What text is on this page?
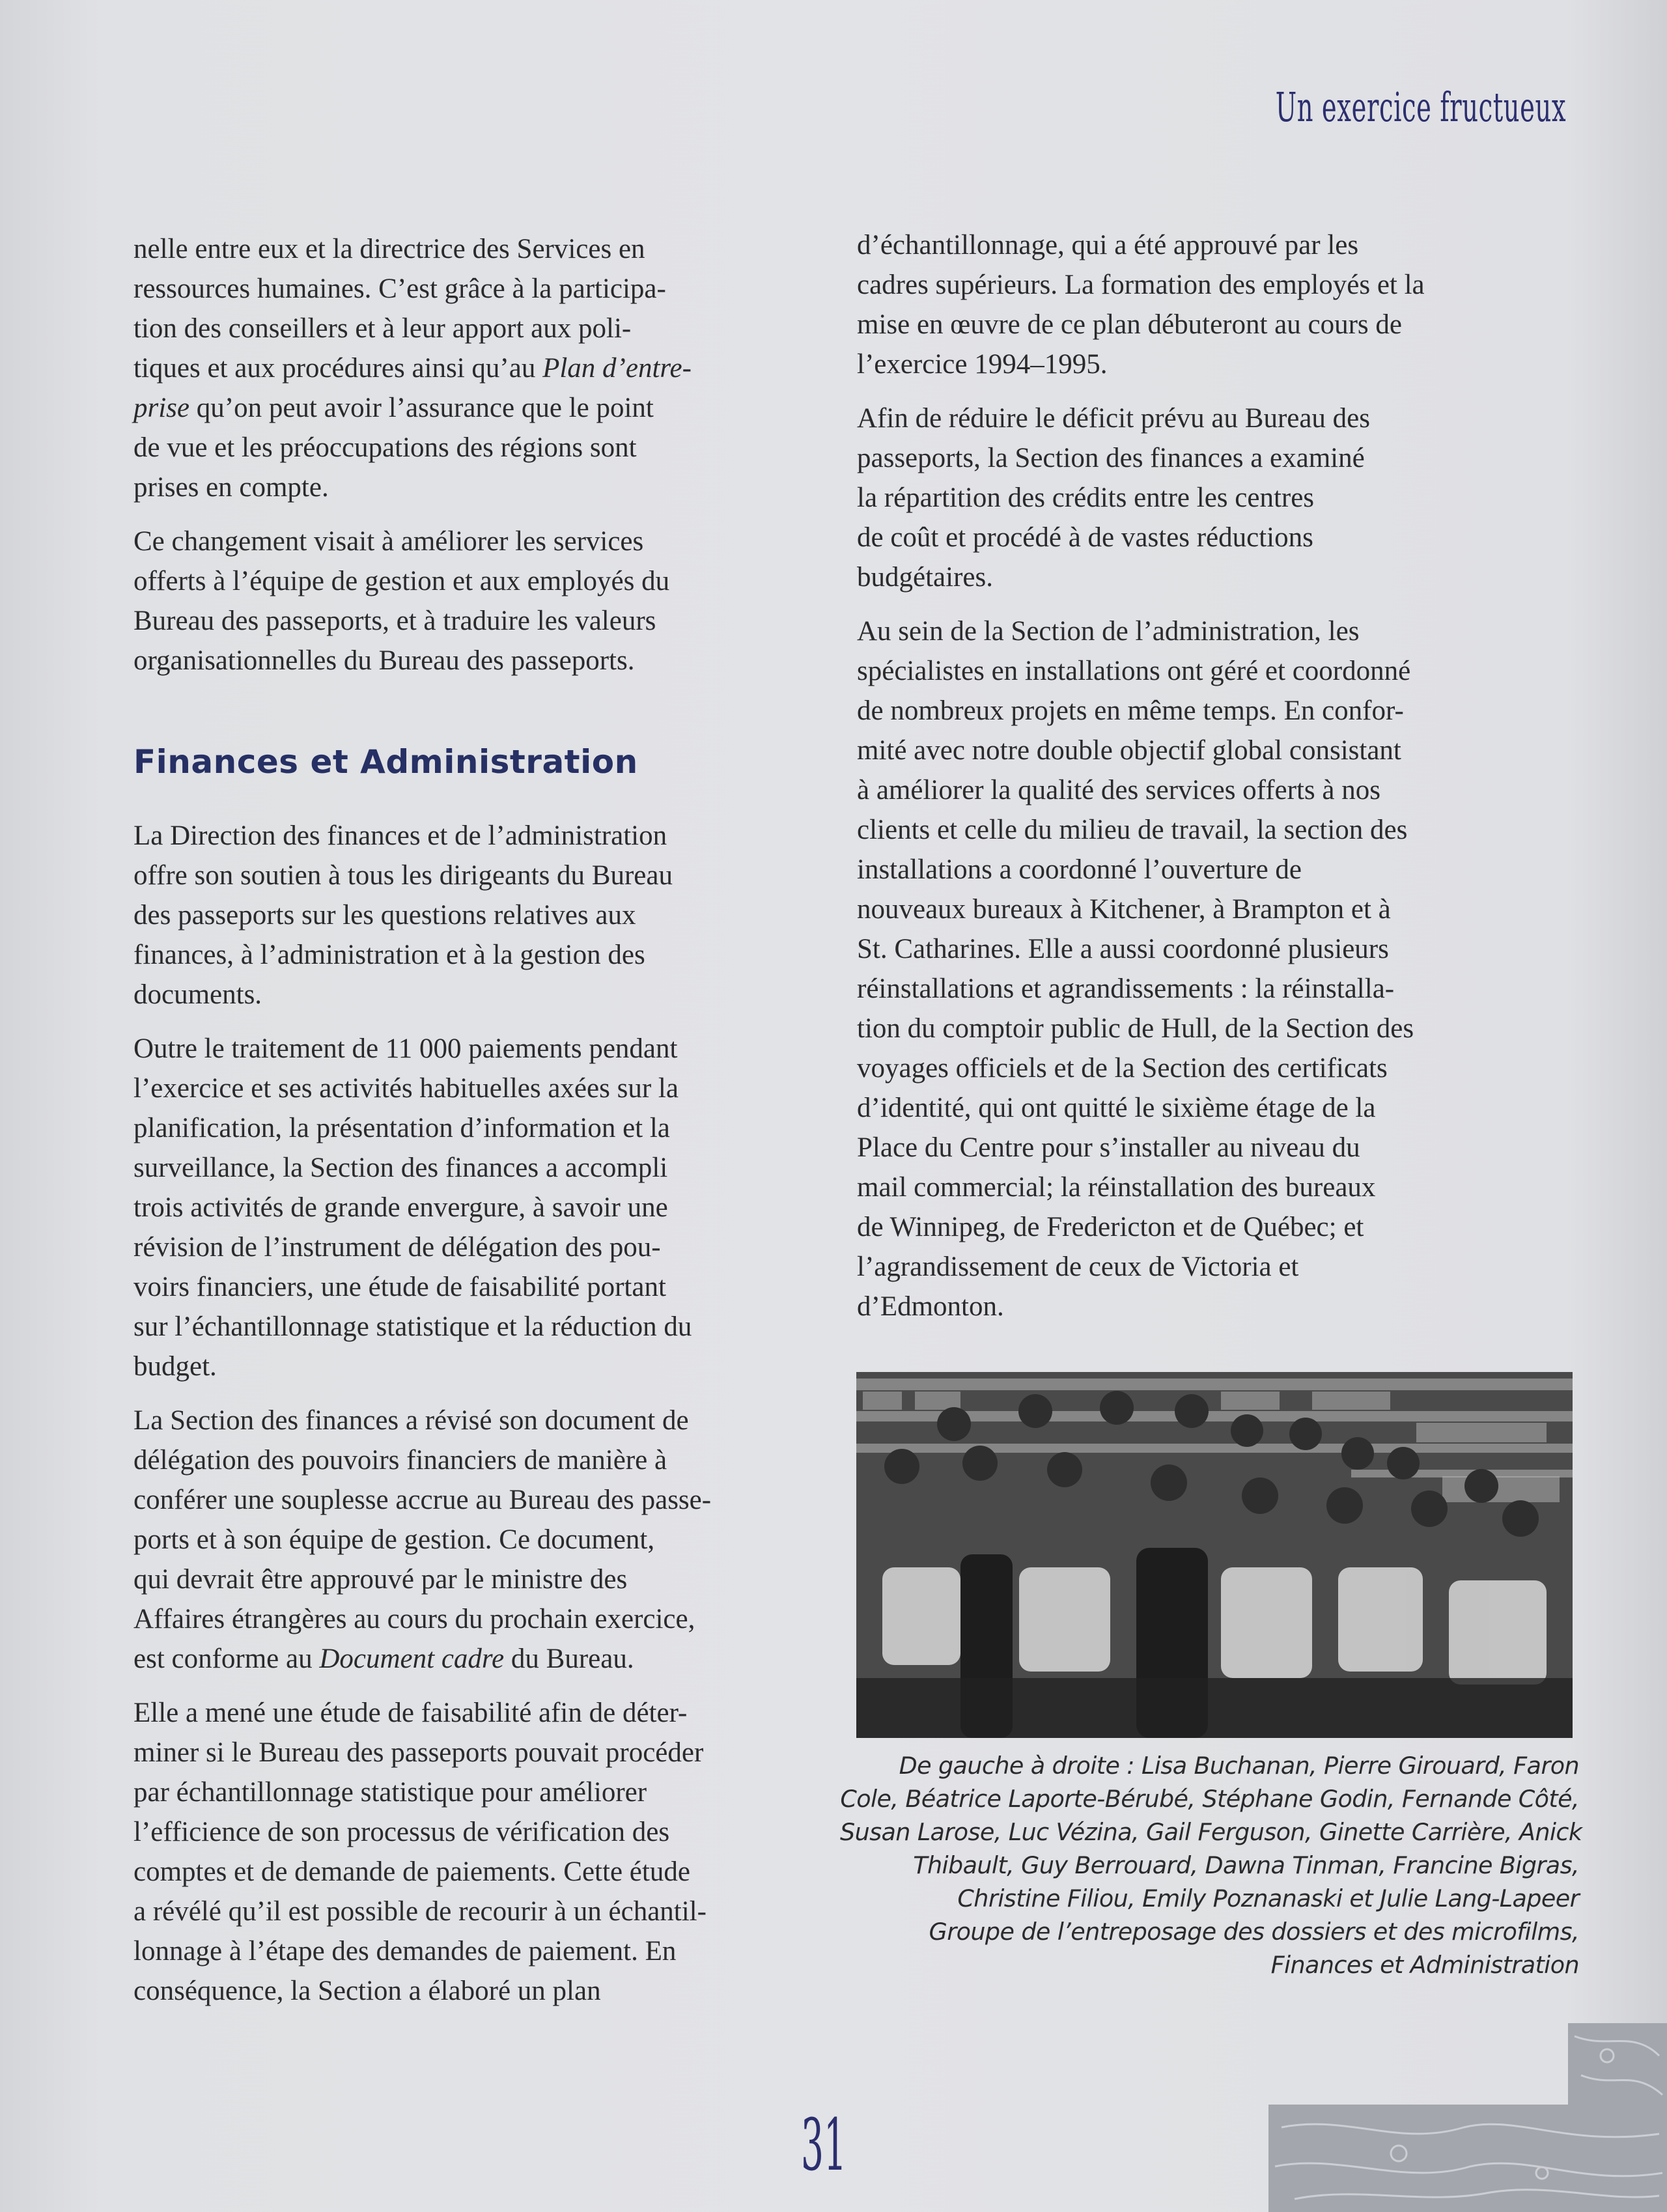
Un exercice fructueux

nelle entre eux et la directrice des Services en
ressources humaines. C’est grâce à la participa-
tion des conseillers et à leur apport aux poli-
tiques et aux procédures ainsi qu’au Plan d’entre-
prise qu’on peut avoir l’assurance que le point
de vue et les préoccupations des régions sont
prises en compte.

Ce changement visait à améliorer les services
offerts à l’équipe de gestion et aux employés du
Bureau des passeports, et à traduire les valeurs
organisationnelles du Bureau des passeports.

Finances et Administration

La Direction des finances et de l’administration
offre son soutien à tous les dirigeants du Bureau
des passeports sur les questions relatives aux
finances, à l’administration et à la gestion des
documents.

Outre le traitement de 11 000 paiements pendant
l’exercice et ses activités habituelles axées sur la
planification, la présentation d’information et la
surveillance, la Section des finances a accompli
trois activités de grande envergure, à savoir une
révision de l’instrument de délégation des pou-
voirs financiers, une étude de faisabilité portant
sur l’échantillonnage statistique et la réduction du
budget.

La Section des finances a révisé son document de
délégation des pouvoirs financiers de manière à
conférer une souplesse accrue au Bureau des passe-
ports et à son équipe de gestion. Ce document,
qui devrait être approuvé par le ministre des
Affaires étrangères au cours du prochain exercice,
est conforme au Document cadre du Bureau.

Elle a mené une étude de faisabilité afin de déter-
miner si le Bureau des passeports pouvait procéder
par échantillonnage statistique pour améliorer
l’efficience de son processus de vérification des
comptes et de demande de paiements. Cette étude
a révélé qu’il est possible de recourir à un échantil-
lonnage à l’étape des demandes de paiement. En
conséquence, la Section a élaboré un plan

d’échantillonnage, qui a été approuvé par les
cadres supérieurs. La formation des employés et la
mise en œuvre de ce plan débuteront au cours de
l’exercice 1994–1995.

Afin de réduire le déficit prévu au Bureau des
passeports, la Section des finances a examiné
la répartition des crédits entre les centres
de coût et procédé à de vastes réductions
budgétaires.

Au sein de la Section de l’administration, les
spécialistes en installations ont géré et coordonné
de nombreux projets en même temps. En confor-
mité avec notre double objectif global consistant
à améliorer la qualité des services offerts à nos
clients et celle du milieu de travail, la section des
installations a coordonné l’ouverture de
nouveaux bureaux à Kitchener, à Brampton et à
St. Catharines. Elle a aussi coordonné plusieurs
réinstallations et agrandissements : la réinstalla-
tion du comptoir public de Hull, de la Section des
voyages officiels et de la Section des certificats
d’identité, qui ont quitté le sixième étage de la
Place du Centre pour s’installer au niveau du
mail commercial; la réinstallation des bureaux
de Winnipeg, de Fredericton et de Québec; et
l’agrandissement de ceux de Victoria et
d’Edmonton.

De gauche à droite : Lisa Buchanan, Pierre Girouard, Faron
Cole, Béatrice Laporte-Bérubé, Stéphane Godin, Fernande Côté,
Susan Larose, Luc Vézina, Gail Ferguson, Ginette Carrière, Anick
Thibault, Guy Berrouard, Dawna Tinman, Francine Bigras,
Christine Filiou, Emily Poznanaski et Julie Lang-Lapeer
Groupe de l’entreposage des dossiers et des microfilms,
Finances et Administration
31
